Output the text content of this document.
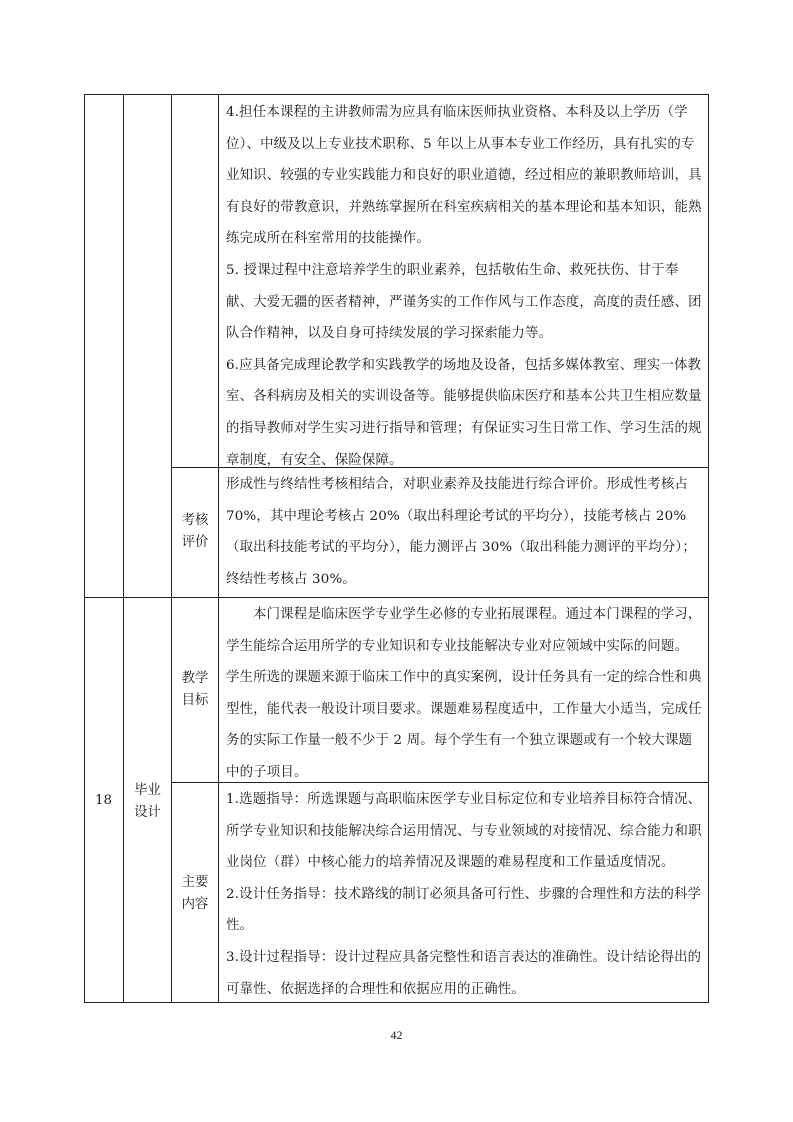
4.担任本课程的主讲教师需为应具有临床医师执业资格、本科及以上学历（学位）、中级及以上专业技术职称、5 年以上从事本专业工作经历，具有扎实的专业知识、较强的专业实践能力和良好的职业道德，经过相应的兼职教师培训，具有良好的带教意识，并熟练掌握所在科室疾病相关的基本理论和基本知识，能熟练完成所在科室常用的技能操作。
5. 授课过程中注意培养学生的职业素养，包括敬佑生命、救死扶伤、甘于奉献、大爱无疆的医者精神，严谨务实的工作作风与工作态度，高度的责任感、团队合作精神，以及自身可持续发展的学习探索能力等。
6.应具备完成理论教学和实践教学的场地及设备，包括多媒体教室、理实一体教室、各科病房及相关的实训设备等。能够提供临床医疗和基本公共卫生相应数量的指导教师对学生实习进行指导和管理；有保证实习生日常工作、学习生活的规章制度，有安全、保险保障。
考核
评价
形成性与终结性考核相结合，对职业素养及技能进行综合评价。形成性考核占70%，其中理论考核占 20%（取出科理论考试的平均分），技能考核占 20%（取出科技能考试的平均分），能力测评占 30%（取出科能力测评的平均分）；终结性考核占 30%。
18
毕业
设计
教学
目标
本门课程是临床医学专业学生必修的专业拓展课程。通过本门课程的学习，学生能综合运用所学的专业知识和专业技能解决专业对应领域中实际的问题。
学生所选的课题来源于临床工作中的真实案例，设计任务具有一定的综合性和典型性，能代表一般设计项目要求。课题难易程度适中，工作量大小适当，完成任务的实际工作量一般不少于 2 周。每个学生有一个独立课题或有一个较大课题中的子项目。
主要
内容
1.选题指导：所选课题与高职临床医学专业目标定位和专业培养目标符合情况、所学专业知识和技能解决综合运用情况、与专业领域的对接情况、综合能力和职业岗位（群）中核心能力的培养情况及课题的难易程度和工作量适度情况。
2.设计任务指导：技术路线的制订必须具备可行性、步骤的合理性和方法的科学性。
3.设计过程指导：设计过程应具备完整性和语言表达的准确性。设计结论得出的可靠性、依据选择的合理性和依据应用的正确性。
42
